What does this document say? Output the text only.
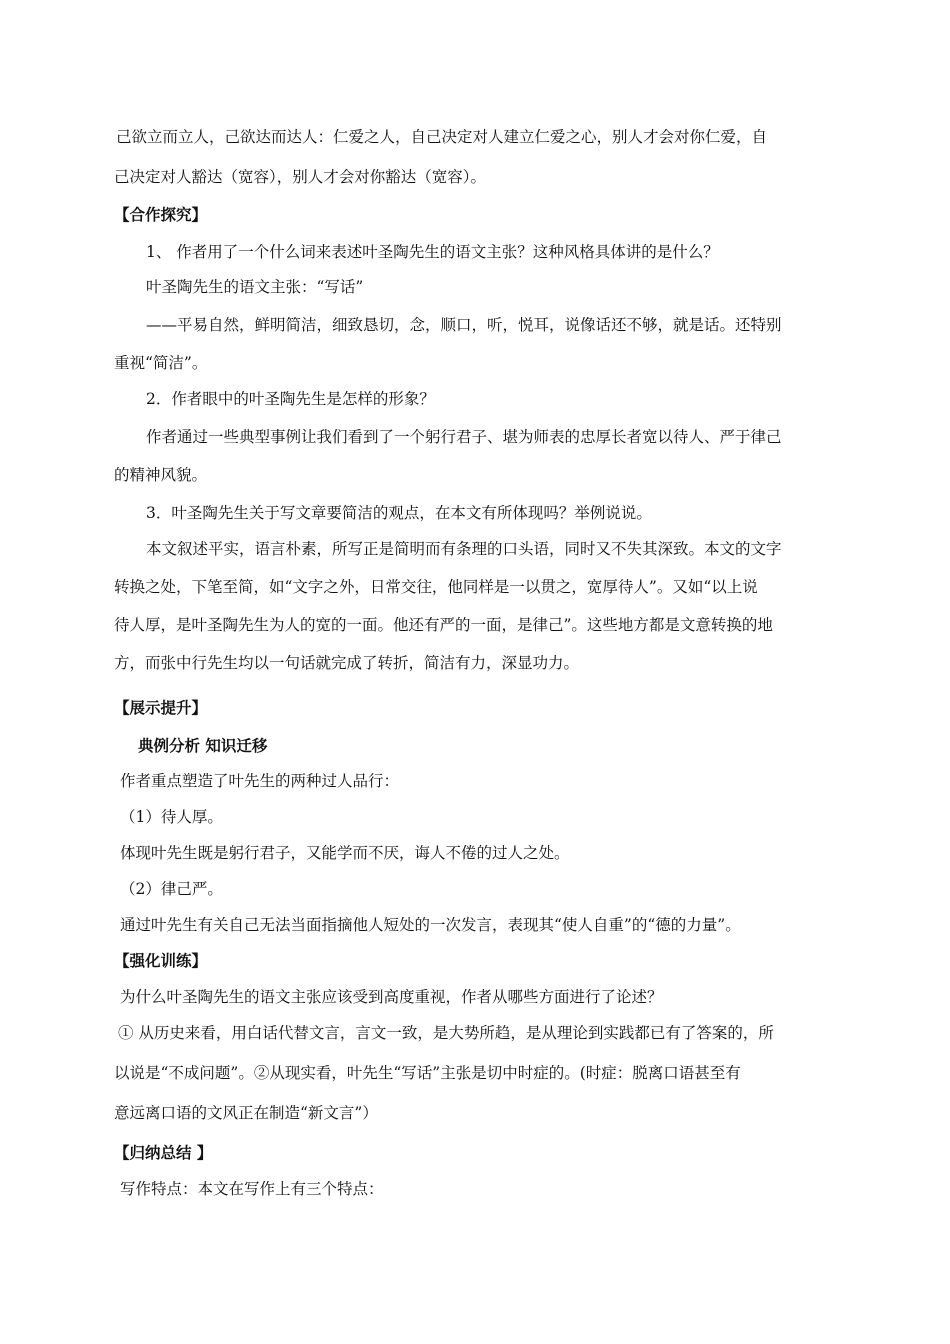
己欲立而立人，己欲达而达人：仁爱之人，自己决定对人建立仁爱之心，别人才会对你仁爱，自
己决定对人豁达（宽容），别人才会对你豁达（宽容）。
【合作探究】
1、 作者用了一个什么词来表述叶圣陶先生的语文主张？这种风格具体讲的是什么？
叶圣陶先生的语文主张：“写话”
——平易自然，鲜明简洁，细致恳切，念，顺口，听，悦耳，说像话还不够，就是话。还特别
重视“简洁”。
2．作者眼中的叶圣陶先生是怎样的形象？
作者通过一些典型事例让我们看到了一个躬行君子、堪为师表的忠厚长者宽以待人、严于律己
的精神风貌。
3．叶圣陶先生关于写文章要简洁的观点，在本文有所体现吗？举例说说。
本文叙述平实，语言朴素，所写正是简明而有条理的口头语，同时又不失其深致。本文的文字
转换之处，下笔至简，如“文字之外，日常交往，他同样是一以贯之，宽厚待人”。又如“以上说
待人厚，是叶圣陶先生为人的宽的一面。他还有严的一面，是律己”。这些地方都是文意转换的地
方，而张中行先生均以一句话就完成了转折，简洁有力，深显功力。
【展示提升】
典例分析 知识迁移
作者重点塑造了叶先生的两种过人品行：
（1）待人厚。
体现叶先生既是躬行君子，又能学而不厌，诲人不倦的过人之处。
（2）律己严。
通过叶先生有关自己无法当面指摘他人短处的一次发言，表现其“使人自重”的“德的力量”。
【强化训练】
为什么叶圣陶先生的语文主张应该受到高度重视，作者从哪些方面进行了论述？
① 从历史来看，用白话代替文言，言文一致，是大势所趋，是从理论到实践都已有了答案的，所
以说是“不成问题”。②从现实看，叶先生“写话”主张是切中时症的。(时症：脱离口语甚至有
意远离口语的文风正在制造“新文言”）
【归纳总结 】
写作特点：本文在写作上有三个特点：
